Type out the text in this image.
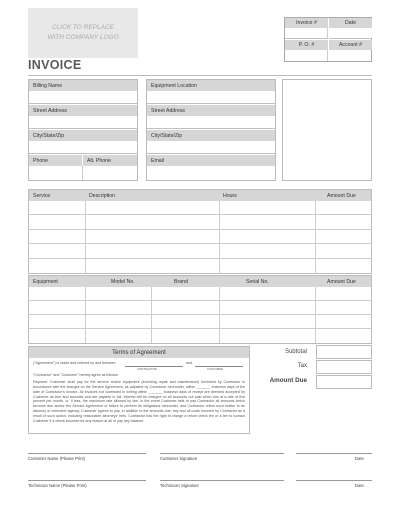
CLICK TO REPLACE WITH COMPANY LOGO
INVOICE
Invoice #	Date
P. O. #	Account #
Billing Name
Street Address
City/State/Zip
Phone	Alt. Phone
Equipment Location
Street Address
City/State/Zip
Email
Service	Description	Hours	Amount Due
Equipment	Model No.	Brand	Serial No.	Amount Due
Terms of Agreement
("Agreement") is made and entered by and between	and
CONTRACTOR	CUSTOMER
"Contractor" and "Customer" hereby agree as follows:
Payment. Customer shall pay for the service and/or equipment (including repair and maintenance) furnished by Contractor in accordance with the charges on the Service Agreement, as adjusted by Contractor hereunder, within _______ business days of the date of Contractor's invoice. All invoices not contested in writing within _______ business days of receipt are deemed accepted by Customer as true and accurate and are payable in full. Interest will be charged on all accounts not paid when due at a rate of five percent per month, or, if less, the maximum rate allowed by law. In the event Customer fails to pay Contractor all amounts which become due and/or the Service Agreement or failure to perform its obligations hereunder, and Contractor refers such matter to an attorney or collection agency, Customer agrees to pay, in addition to the amounts due, any and all costs incurred by Contractor as a result of such action, including reasonable attorneys' fees. Contractor has the right to charge a return check fee or a fee to contact Customer if a check bounces for any reason at all or pay any balance.
Subtotal
Tax
Amount Due
Customer Name (Please Print)	Customer Signature	Date
Technician Name (Please Print)	Technician Signature	Date
